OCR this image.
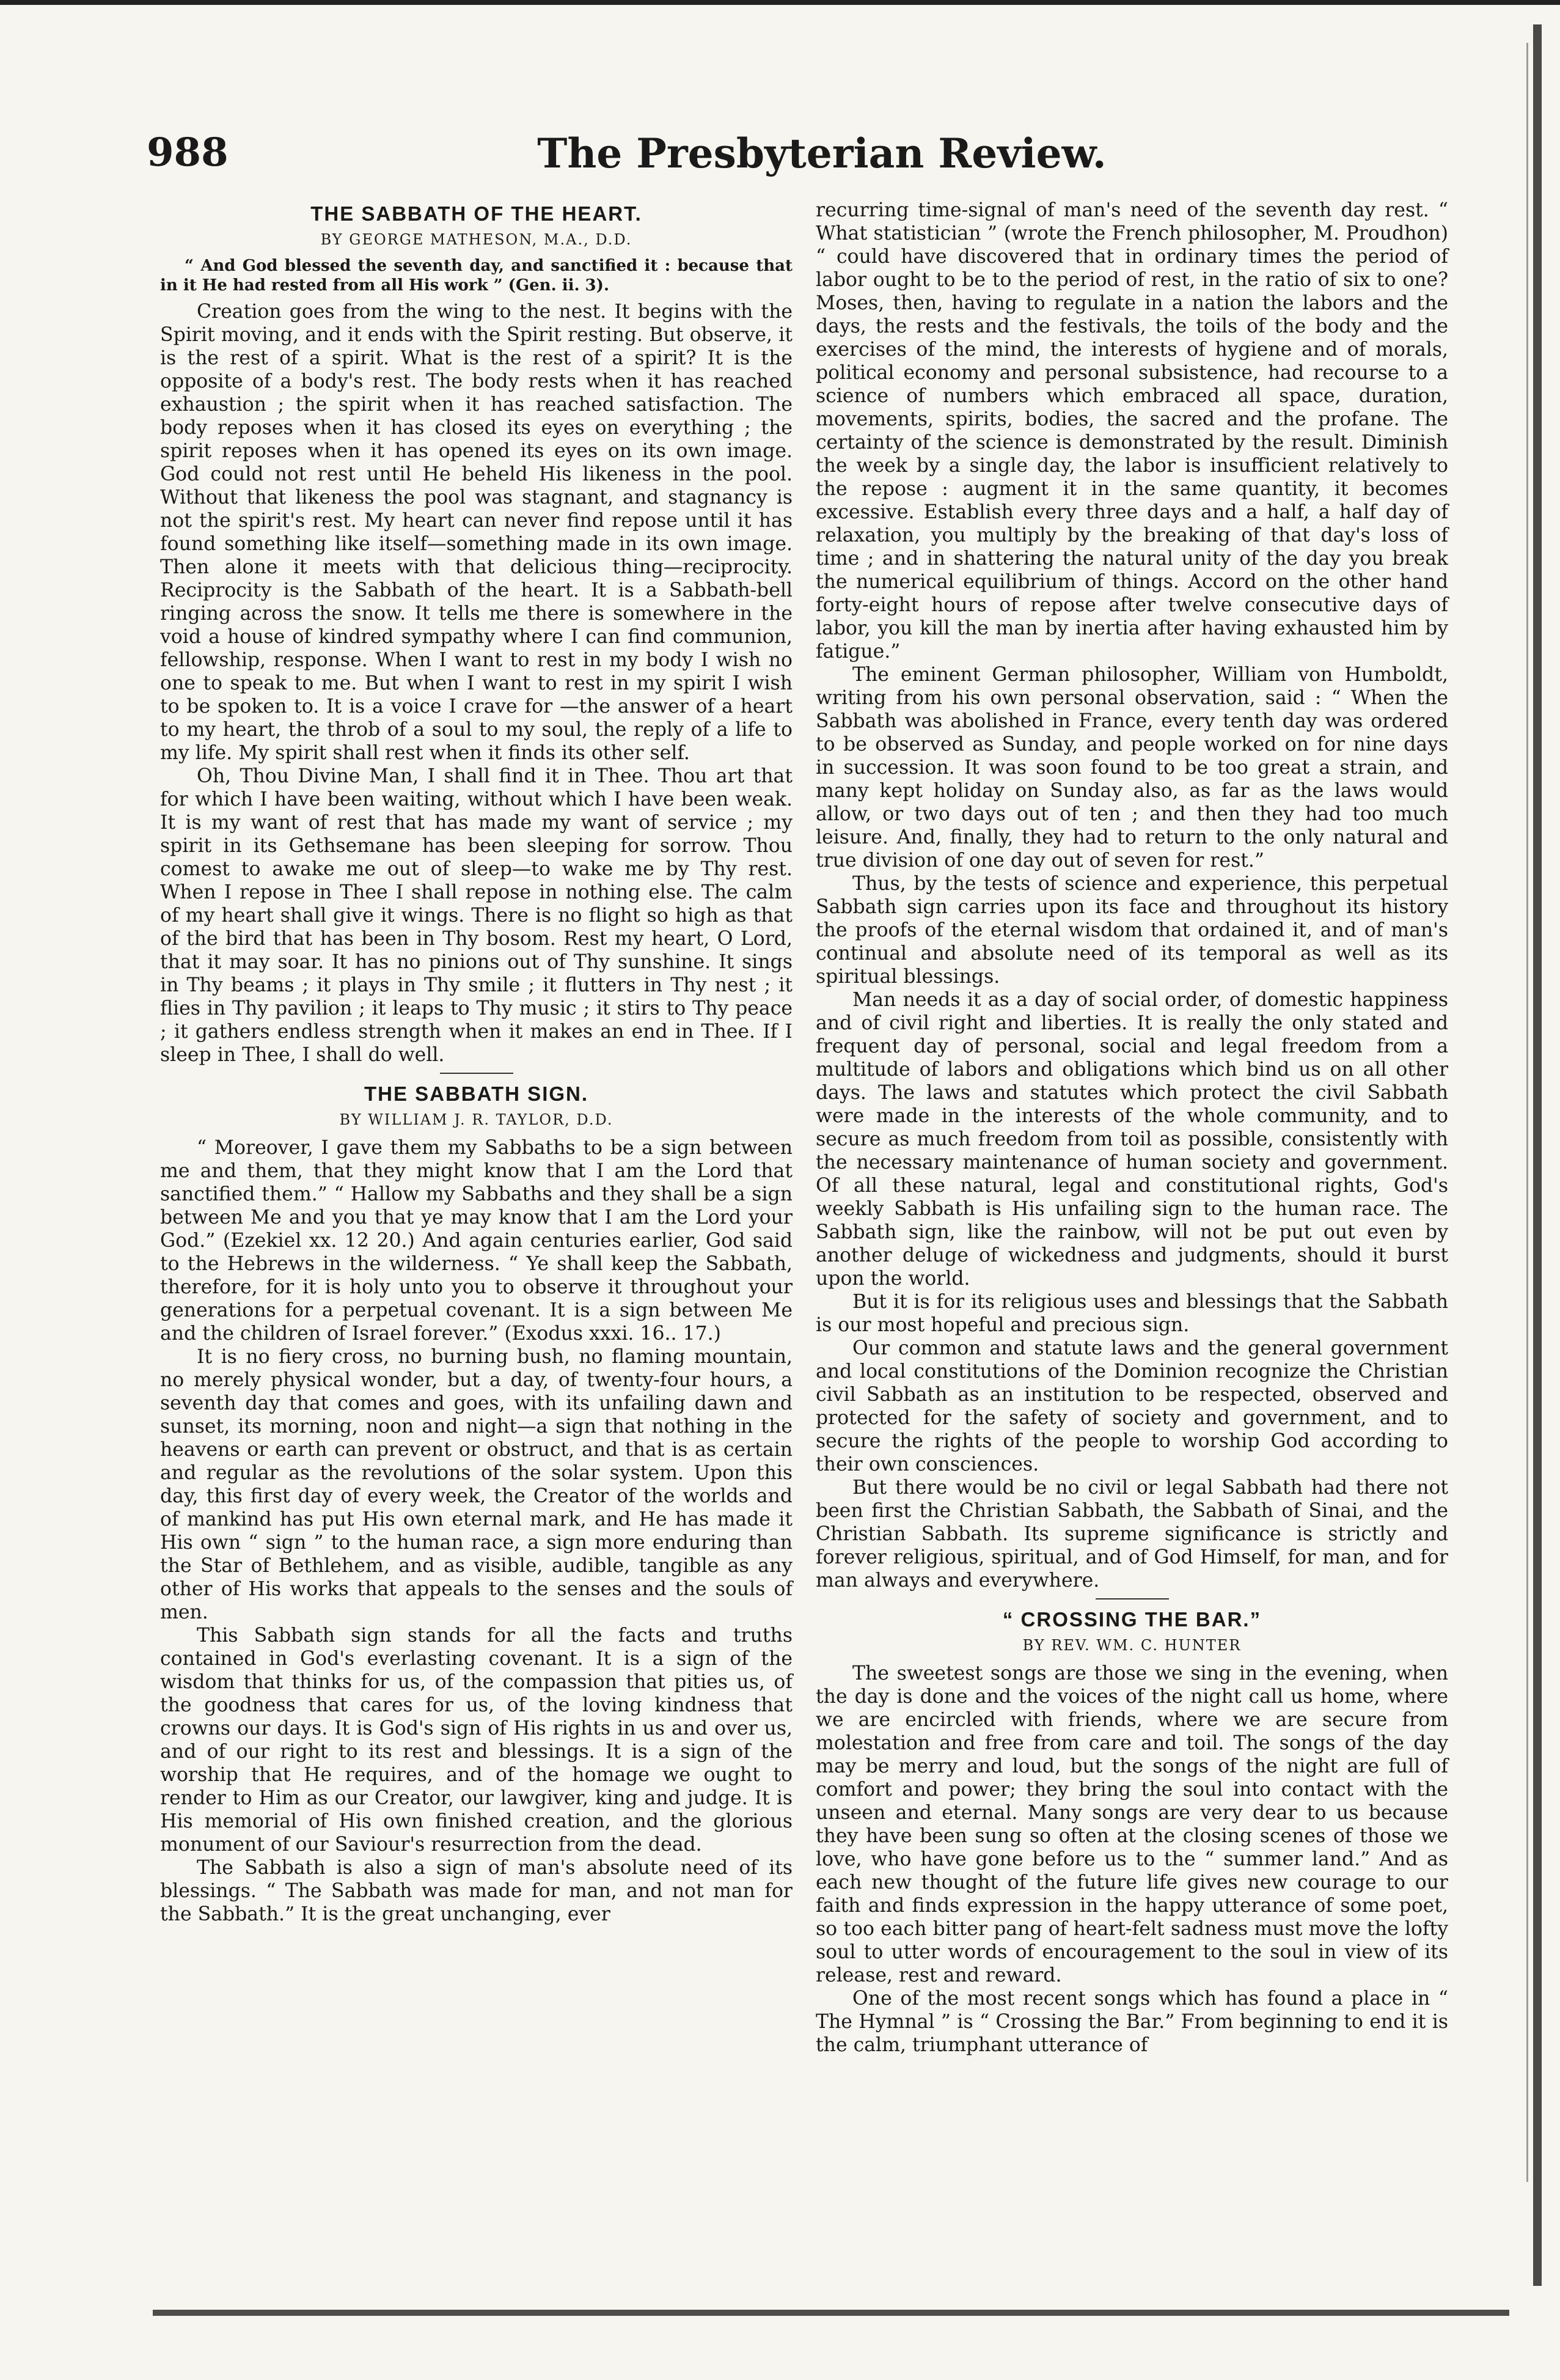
988	The Presbyterian Review.
THE SABBATH OF THE HEART.
BY GEORGE MATHESON, M.A., D.D.
“ And God blessed the seventh day, and sanctified it : because that in it He had rested from all His work ” (Gen. ii. 3).

Creation goes from the wing to the nest. It begins with the Spirit moving, and it ends with the Spirit resting. But observe, it is the rest of a spirit. What is the rest of a spirit? It is the opposite of a body's rest. The body rests when it has reached exhaustion ; the spirit when it has reached satisfaction. The body reposes when it has closed its eyes on everything ; the spirit reposes when it has opened its eyes on its own image. God could not rest until He beheld His likeness in the pool. Without that likeness the pool was stagnant, and stagnancy is not the spirit's rest. My heart can never find repose until it has found something like itself—something made in its own image. Then alone it meets with that delicious thing—reciprocity. Reciprocity is the Sabbath of the heart. It is a Sabbath-bell ringing across the snow. It tells me there is somewhere in the void a house of kindred sympathy where I can find communion, fellowship, response. When I want to rest in my body I wish no one to speak to me. But when I want to rest in my spirit I wish to be spoken to. It is a voice I crave for —the answer of a heart to my heart, the throb of a soul to my soul, the reply of a life to my life. My spirit shall rest when it finds its other self.

Oh, Thou Divine Man, I shall find it in Thee. Thou art that for which I have been waiting, without which I have been weak. It is my want of rest that has made my want of service ; my spirit in its Gethsemane has been sleeping for sorrow. Thou comest to awake me out of sleep—to wake me by Thy rest. When I repose in Thee I shall repose in nothing else. The calm of my heart shall give it wings. There is no flight so high as that of the bird that has been in Thy bosom. Rest my heart, O Lord, that it may soar. It has no pinions out of Thy sunshine. It sings in Thy beams ; it plays in Thy smile ; it flutters in Thy nest ; it flies in Thy pavilion ; it leaps to Thy music ; it stirs to Thy peace ; it gathers endless strength when it makes an end in Thee. If I sleep in Thee, I shall do well.

THE SABBATH SIGN.
BY WILLIAM J. R. TAYLOR, D.D.

“ Moreover, I gave them my Sabbaths to be a sign between me and them, that they might know that I am the Lord that sanctified them.” “ Hallow my Sabbaths and they shall be a sign between Me and you that ye may know that I am the Lord your God.” (Ezekiel xx. 12 20.) And again centuries earlier, God said to the Hebrews in the wilderness. “ Ye shall keep the Sabbath, therefore, for it is holy unto you to observe it throughout your generations for a perpetual covenant. It is a sign between Me and the children of Israel forever.” (Exodus xxxi. 16.. 17.)

It is no fiery cross, no burning bush, no flaming mountain, no merely physical wonder, but a day, of twenty-four hours, a seventh day that comes and goes, with its unfailing dawn and sunset, its morning, noon and night—a sign that nothing in the heavens or earth can prevent or obstruct, and that is as certain and regular as the revolutions of the solar system. Upon this day, this first day of every week, the Creator of the worlds and of mankind has put His own eternal mark, and He has made it His own “ sign ” to the human race, a sign more enduring than the Star of Bethlehem, and as visible, audible, tangible as any other of His works that appeals to the senses and the souls of men.

This Sabbath sign stands for all the facts and truths contained in God's everlasting covenant. It is a sign of the wisdom that thinks for us, of the compassion that pities us, of the goodness that cares for us, of the loving kindness that crowns our days. It is God's sign of His rights in us and over us, and of our right to its rest and blessings. It is a sign of the worship that He requires, and of the homage we ought to render to Him as our Creator, our lawgiver, king and judge. It is His memorial of His own finished creation, and the glorious monument of our Saviour's resurrection from the dead.

The Sabbath is also a sign of man's absolute need of its blessings. “ The Sabbath was made for man, and not man for the Sabbath.” It is the great unchanging, ever

recurring time-signal of man's need of the seventh day rest. “ What statistician ” (wrote the French philosopher, M. Proudhon) “ could have discovered that in ordinary times the period of labor ought to be to the period of rest, in the ratio of six to one? Moses, then, having to regulate in a nation the labors and the days, the rests and the festivals, the toils of the body and the exercises of the mind, the interests of hygiene and of morals, political economy and personal subsistence, had recourse to a science of numbers which embraced all space, duration, movements, spirits, bodies, the sacred and the profane. The certainty of the science is demonstrated by the result. Diminish the week by a single day, the labor is insufficient relatively to the repose : augment it in the same quantity, it becomes excessive. Establish every three days and a half, a half day of relaxation, you multiply by the breaking of that day's loss of time ; and in shattering the natural unity of the day you break the numerical equilibrium of things. Accord on the other hand forty-eight hours of repose after twelve consecutive days of labor, you kill the man by inertia after having exhausted him by fatigue.”

The eminent German philosopher, William von Humboldt, writing from his own personal observation, said : “ When the Sabbath was abolished in France, every tenth day was ordered to be observed as Sunday, and people worked on for nine days in succession. It was soon found to be too great a strain, and many kept holiday on Sunday also, as far as the laws would allow, or two days out of ten ; and then they had too much leisure. And, finally, they had to return to the only natural and true division of one day out of seven for rest.”

Thus, by the tests of science and experience, this perpetual Sabbath sign carries upon its face and throughout its history the proofs of the eternal wisdom that ordained it, and of man's continual and absolute need of its temporal as well as its spiritual blessings.

Man needs it as a day of social order, of domestic happiness and of civil right and liberties. It is really the only stated and frequent day of personal, social and legal freedom from a multitude of labors and obligations which bind us on all other days. The laws and statutes which protect the civil Sabbath were made in the interests of the whole community, and to secure as much freedom from toil as possible, consistently with the necessary maintenance of human society and government. Of all these natural, legal and constitutional rights, God's weekly Sabbath is His unfailing sign to the human race. The Sabbath sign, like the rainbow, will not be put out even by another deluge of wickedness and judgments, should it burst upon the world.

But it is for its religious uses and blessings that the Sabbath is our most hopeful and precious sign.

Our common and statute laws and the general government and local constitutions of the Dominion recognize the Christian civil Sabbath as an institution to be respected, observed and protected for the safety of society and government, and to secure the rights of the people to worship God according to their own consciences.

But there would be no civil or legal Sabbath had there not been first the Christian Sabbath, the Sabbath of Sinai, and the Christian Sabbath. Its supreme significance is strictly and forever religious, spiritual, and of God Himself, for man, and for man always and everywhere.

“ CROSSING THE BAR.”
BY REV. WM. C. HUNTER

The sweetest songs are those we sing in the evening, when the day is done and the voices of the night call us home, where we are encircled with friends, where we are secure from molestation and free from care and toil. The songs of the day may be merry and loud, but the songs of the night are full of comfort and power; they bring the soul into contact with the unseen and eternal. Many songs are very dear to us because they have been sung so often at the closing scenes of those we love, who have gone before us to the “ summer land.” And as each new thought of the future life gives new courage to our faith and finds expression in the happy utterance of some poet, so too each bitter pang of heart-felt sadness must move the lofty soul to utter words of encouragement to the soul in view of its release, rest and reward.

One of the most recent songs which has found a place in “ The Hymnal ” is “ Crossing the Bar.” From beginning to end it is the calm, triumphant utterance of
